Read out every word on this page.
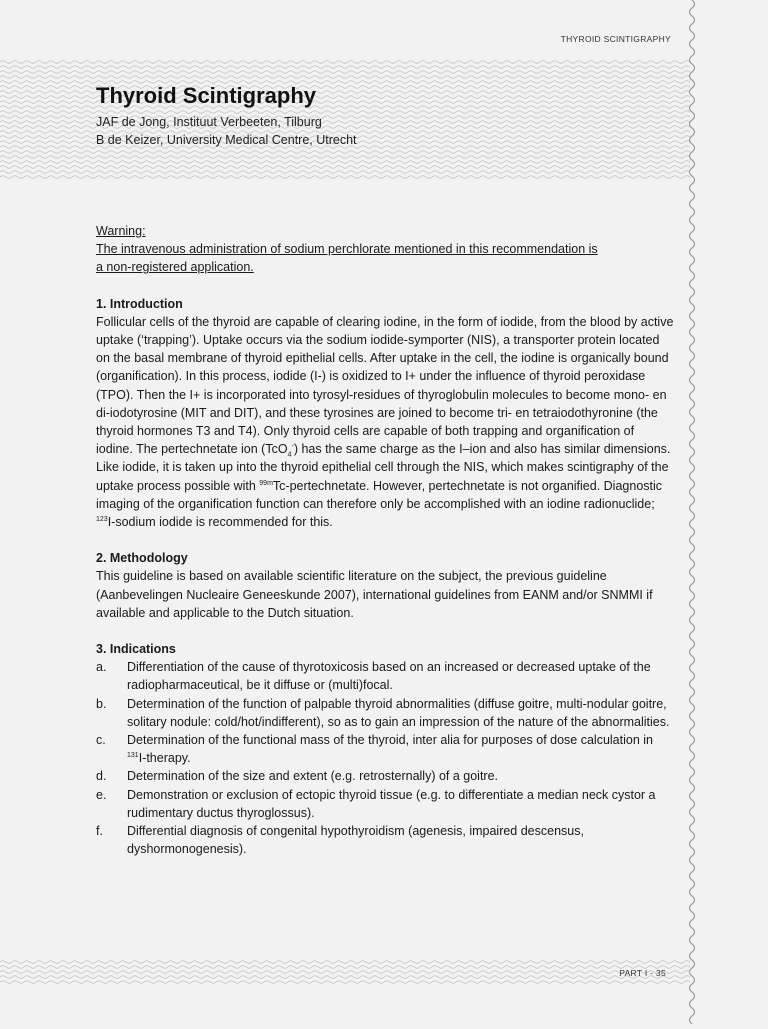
THYROID SCINTIGRAPHY
Thyroid Scintigraphy
JAF de Jong, Instituut Verbeeten, Tilburg
B de Keizer, University Medical Centre, Utrecht

Warning:

The intravenous administration of sodium perchlorate mentioned in this recommendation is

a non-registered application.

1. Introduction

Follicular cells of the thyroid are capable of clearing iodine, in the form of iodide, from the blood by active uptake (‘trapping’). Uptake occurs via the sodium iodide-symporter (NIS), a transporter protein located on the basal membrane of thyroid epithelial cells. After uptake in the cell, the iodine is organically bound (organification). In this process, iodide (I-) is oxidized to I+ under the influence of thyroid peroxidase (TPO). Then the I+ is incorporated into tyrosyl-residues of thyroglobulin molecules to become mono- en di-iodotyrosine (MIT and DIT), and these tyrosines are joined to become tri- en tetraiodothyronine (the thyroid hormones T3 and T4). Only thyroid cells are capable of both trapping and organification of iodine. The pertechnetate ion (TcO$_4$-) has the same charge as the I–ion and also has similar dimensions. Like iodide, it is taken up into the thyroid epithelial cell through the NIS, which makes scintigraphy of the uptake process possible with $^{99m}$Tc-pertechnetate. However, pertechnetate is not organified. Diagnostic imaging of the organification function can therefore only be accomplished with an iodine radionuclide; $^{123}$I-sodium iodide is recommended for this.

2. Methodology

This guideline is based on available scientific literature on the subject, the previous guideline (Aanbevelingen Nucleaire Geneeskunde 2007), international guidelines from EANM and/or SNMMI if available and applicable to the Dutch situation.

3. Indications

a.	Differentiation of the cause of thyrotoxicosis based on an increased or decreased uptake of the radiopharmaceutical, be it diffuse or (multi)focal.
b.	Determination of the function of palpable thyroid abnormalities (diffuse goitre, multi-nodular goitre, solitary nodule: cold/hot/indifferent), so as to gain an impression of the nature of the abnormalities.
c.	Determination of the functional mass of the thyroid, inter alia for purposes of dose calculation in $^{131}$I-therapy.
d.	Determination of the size and extent (e.g. retrosternally) of a goitre.
e.	Demonstration or exclusion of ectopic thyroid tissue (e.g. to differentiate a median neck cystor a rudimentary ductus thyroglossus).
f.	Differential diagnosis of congenital hypothyroidism (agenesis, impaired descensus, dyshormonogenesis).
PART I - 35
